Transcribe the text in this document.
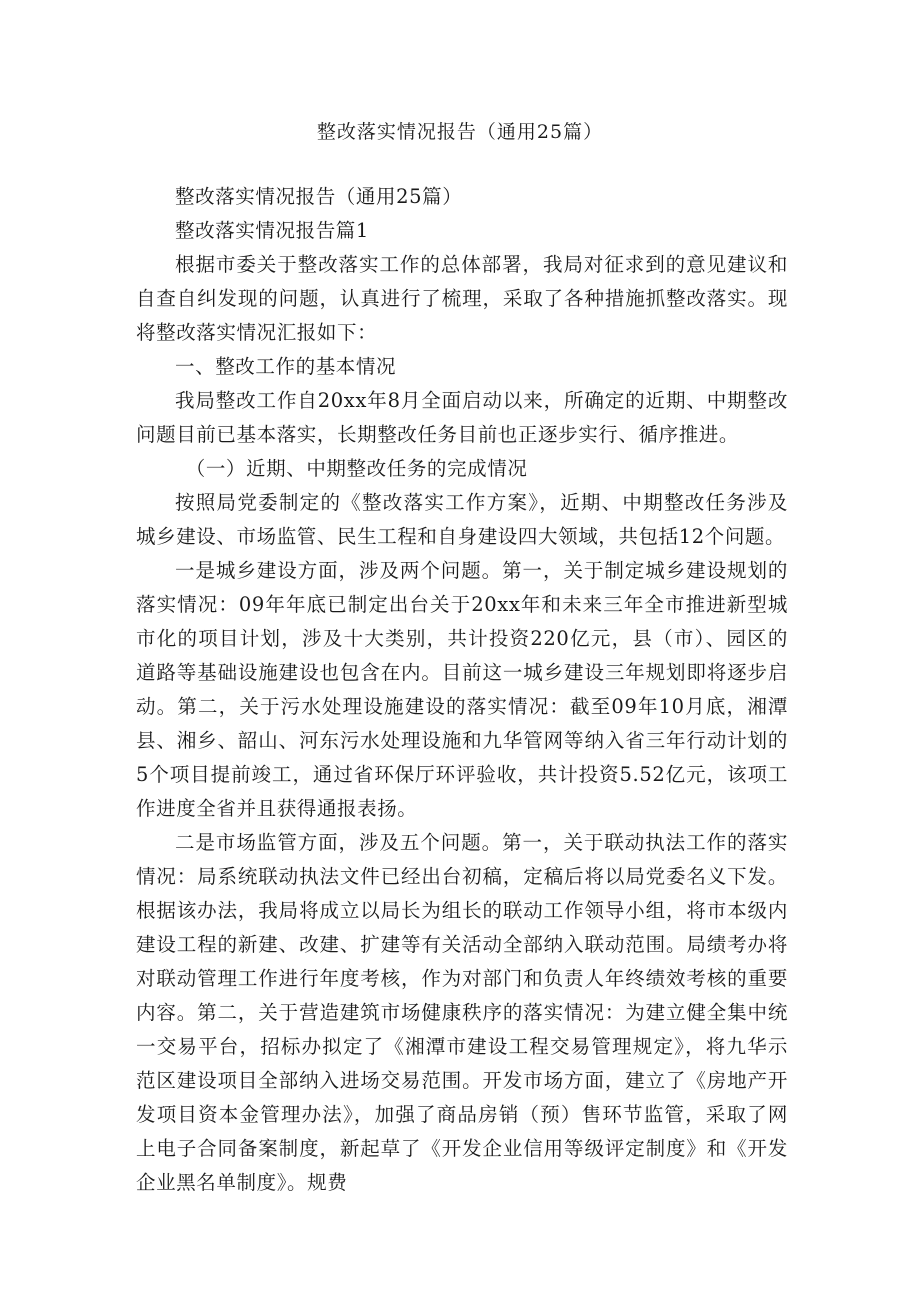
整改落实情况报告（通用25篇）

整改落实情况报告（通用25篇）

整改落实情况报告篇1

根据市委关于整改落实工作的总体部署，我局对征求到的意见建议和自查自纠发现的问题，认真进行了梳理，采取了各种措施抓整改落实。现将整改落实情况汇报如下：

一、整改工作的基本情况

我局整改工作自20xx年8月全面启动以来，所确定的近期、中期整改问题目前已基本落实，长期整改任务目前也正逐步实行、循序推进。

（一）近期、中期整改任务的完成情况

按照局党委制定的《整改落实工作方案》，近期、中期整改任务涉及城乡建设、市场监管、民生工程和自身建设四大领域，共包括12个问题。

一是城乡建设方面，涉及两个问题。第一，关于制定城乡建设规划的落实情况：09年年底已制定出台关于20xx年和未来三年全市推进新型城市化的项目计划，涉及十大类别，共计投资220亿元，县（市）、园区的道路等基础设施建设也包含在内。目前这一城乡建设三年规划即将逐步启动。第二，关于污水处理设施建设的落实情况：截至09年10月底，湘潭县、湘乡、韶山、河东污水处理设施和九华管网等纳入省三年行动计划的5个项目提前竣工，通过省环保厅环评验收，共计投资5.52亿元，该项工作进度全省并且获得通报表扬。

二是市场监管方面，涉及五个问题。第一，关于联动执法工作的落实情况：局系统联动执法文件已经出台初稿，定稿后将以局党委名义下发。根据该办法，我局将成立以局长为组长的联动工作领导小组，将市本级内建设工程的新建、改建、扩建等有关活动全部纳入联动范围。局绩考办将对联动管理工作进行年度考核，作为对部门和负责人年终绩效考核的重要内容。第二，关于营造建筑市场健康秩序的落实情况：为建立健全集中统一交易平台，招标办拟定了《湘潭市建设工程交易管理规定》，将九华示范区建设项目全部纳入进场交易范围。开发市场方面，建立了《房地产开发项目资本金管理办法》，加强了商品房销（预）售环节监管，采取了网上电子合同备案制度，新起草了《开发企业信用等级评定制度》和《开发企业黑名单制度》。规费
